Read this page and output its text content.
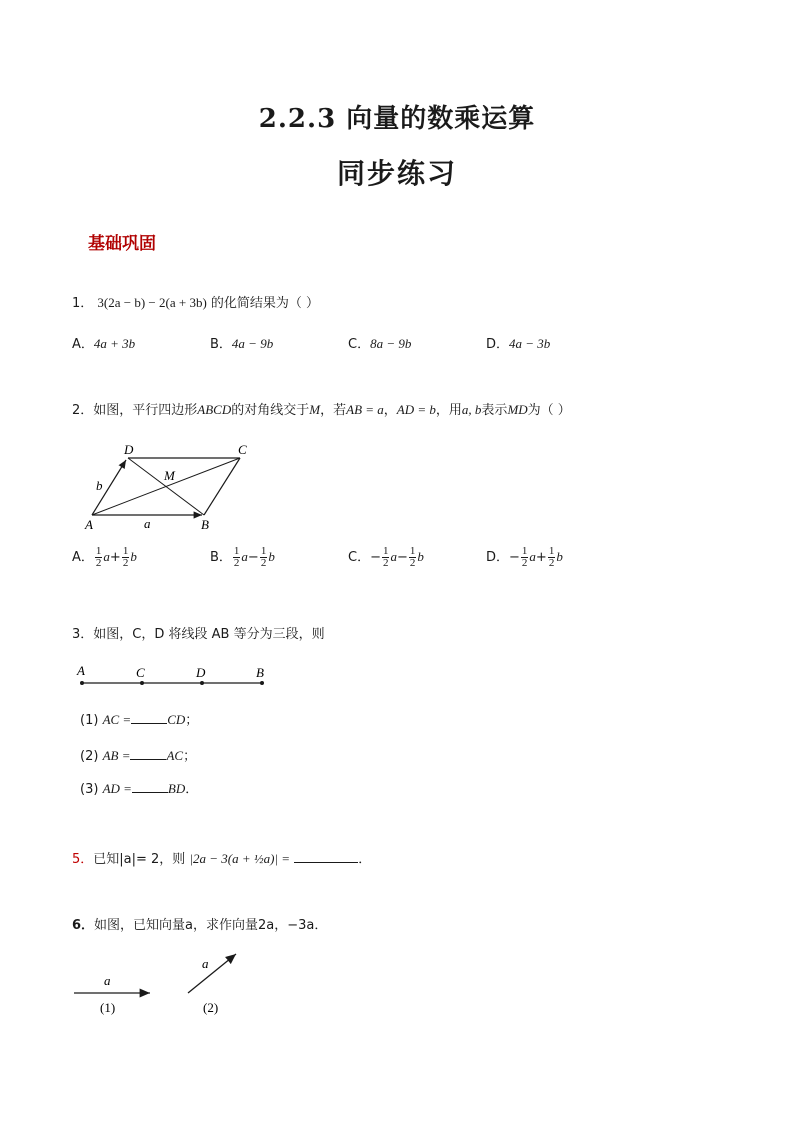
2.2.3 向量的数乘运算
同步练习
基础巩固
1． 3(2a − b) − 2(a + 3b) 的化简结果为（ ）
A．4a + 3b	B．4a − 9b	C．8a − 9b	D．4a − 3b
2．如图，平行四边形ABCD的对角线交于M，若AB = a，AD = b，用a, b表示MD为（ ）
D	C
M
A	B
a
b
A． $\frac{1}{2} a+ \frac{1}{2}$ b	B． $\frac{1}{2} a- \frac{1}{2}$ b	C．− $\frac{1}{2} a- \frac{1}{2}$ b	D．− $\frac{1}{2} a+ \frac{1}{2}$ b
3．如图，C，D 将线段 AB 等分为三段，则
A	C	D	B
(1) AC =	CD；
(2) AB =	AC；
(3) AD =	BD．
5．已知|a|= 2，则 |2a − 3(a + ½a)| =	．
6．如图，已知向量a，求作向量2a，−3a．
a
(1)
a
(2)
